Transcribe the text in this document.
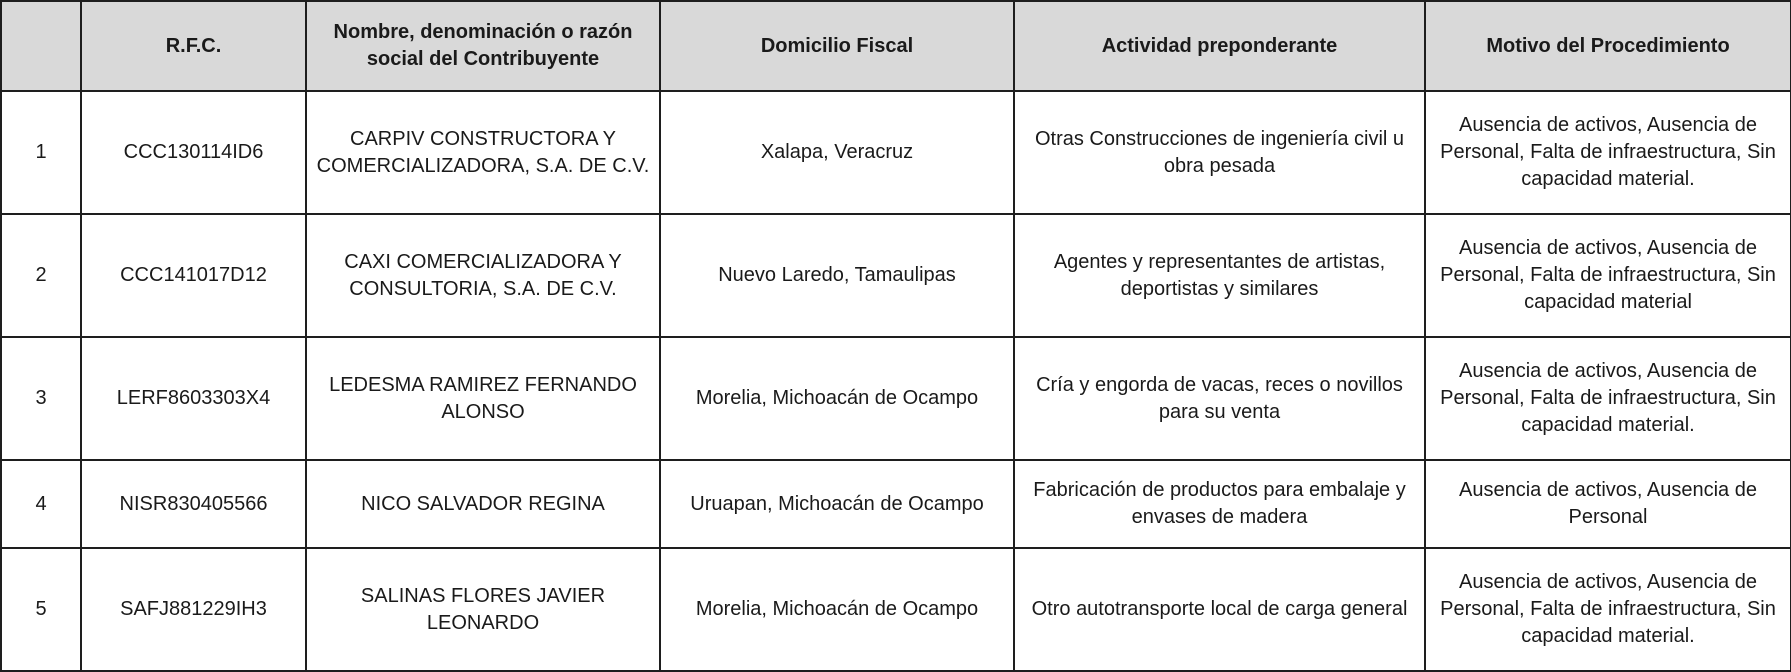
	R.F.C.	Nombre, denominación o razón social del Contribuyente	Domicilio Fiscal	Actividad preponderante	Motivo del Procedimiento
1	CCC130114ID6	CARPIV CONSTRUCTORA Y COMERCIALIZADORA, S.A. DE C.V.	Xalapa, Veracruz	Otras Construcciones de ingeniería civil u obra pesada	Ausencia de activos, Ausencia de Personal, Falta de infraestructura, Sin capacidad material.
2	CCC141017D12	CAXI COMERCIALIZADORA Y CONSULTORIA, S.A. DE C.V.	Nuevo Laredo, Tamaulipas	Agentes y representantes de artistas, deportistas y similares	Ausencia de activos, Ausencia de Personal, Falta de infraestructura, Sin capacidad material
3	LERF8603303X4	LEDESMA RAMIREZ FERNANDO ALONSO	Morelia, Michoacán de Ocampo	Cría y engorda de vacas, reces o novillos para su venta	Ausencia de activos, Ausencia de Personal, Falta de infraestructura, Sin capacidad material.
4	NISR830405566	NICO SALVADOR REGINA	Uruapan, Michoacán de Ocampo	Fabricación de productos para embalaje y envases de madera	Ausencia de activos, Ausencia de Personal
5	SAFJ881229IH3	SALINAS FLORES JAVIER LEONARDO	Morelia, Michoacán de Ocampo	Otro autotransporte local de carga general	Ausencia de activos, Ausencia de Personal, Falta de infraestructura, Sin capacidad material.
